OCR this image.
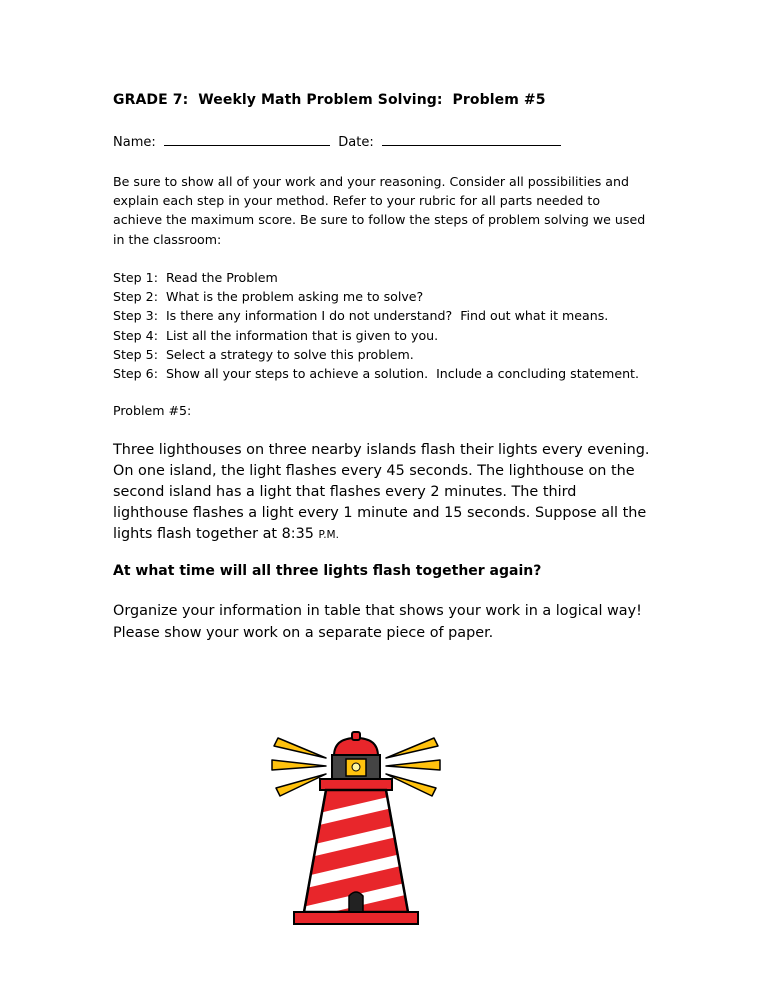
GRADE 7:  Weekly Math Problem Solving:  Problem #5
Name:	Date:
Be sure to show all of your work and your reasoning. Consider all possibilities and explain each step in your method. Refer to your rubric for all parts needed to achieve the maximum score. Be sure to follow the steps of problem solving we used in the classroom:
Step 1:  Read the Problem
Step 2:  What is the problem asking me to solve?
Step 3:  Is there any information I do not understand?  Find out what it means.
Step 4:  List all the information that is given to you.
Step 5:  Select a strategy to solve this problem.
Step 6:  Show all your steps to achieve a solution.  Include a concluding statement.
Problem #5:
Three lighthouses on three nearby islands flash their lights every evening. On one island, the light flashes every 45 seconds. The lighthouse on the second island has a light that flashes every 2 minutes. The third lighthouse flashes a light every 1 minute and 15 seconds. Suppose all the lights flash together at 8:35 P.M.
At what time will all three lights flash together again?
Organize your information in table that shows your work in a logical way!
Please show your work on a separate piece of paper.
